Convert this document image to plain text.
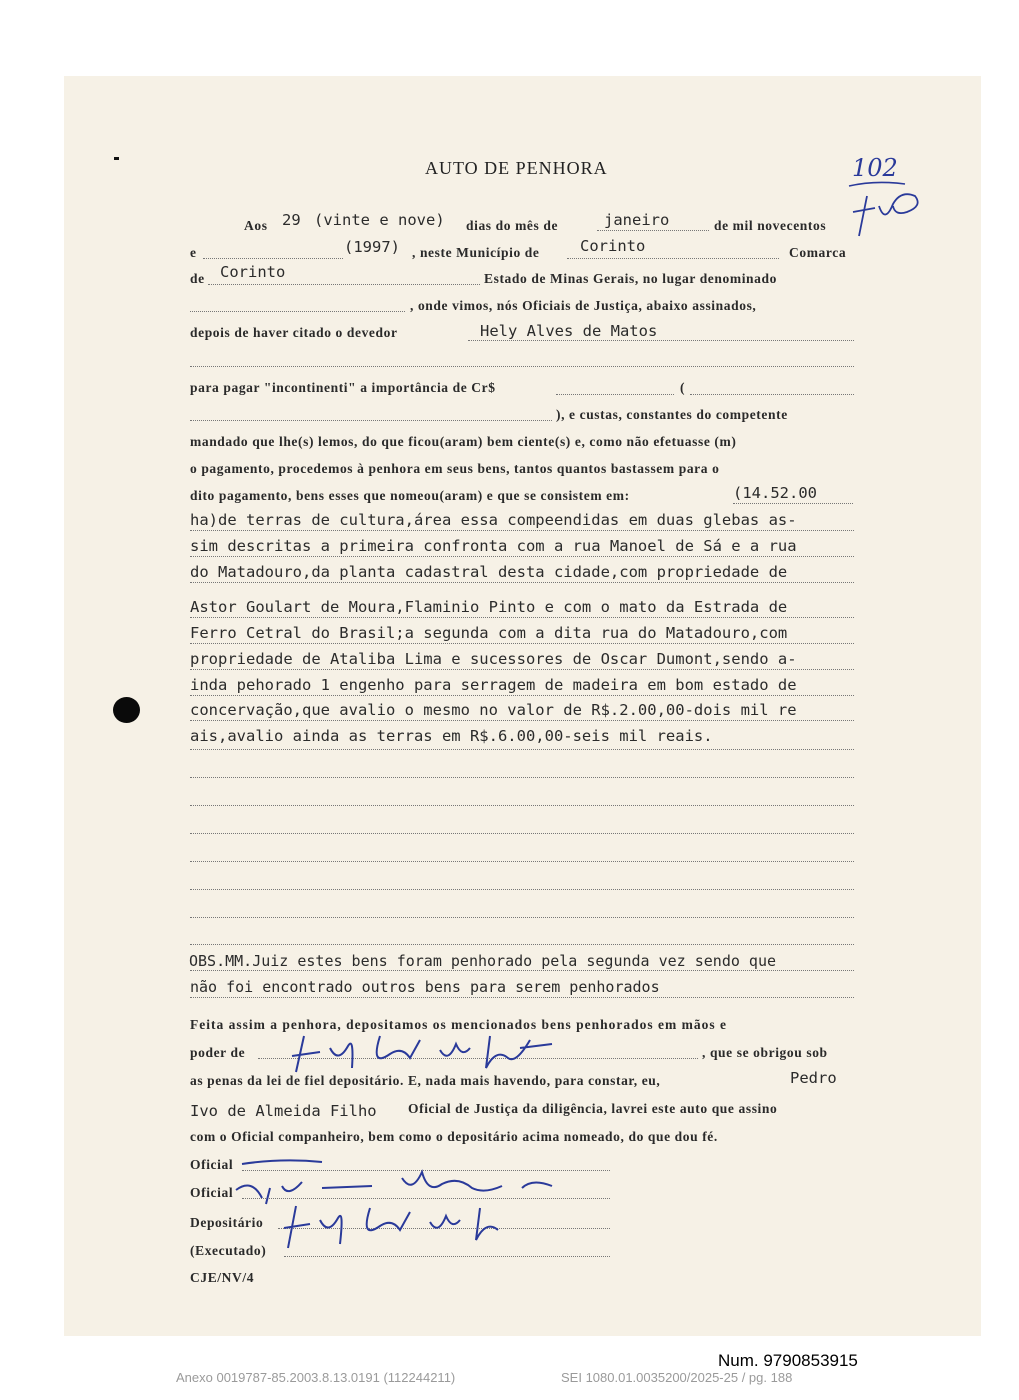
AUTO DE PENHORA	102
Aos 29 (vinte e nove) dias do mês de	janeiro	de mil novecentos
e	(1997) , neste Município de	Corinto	Comarca
de Corinto	Estado de Minas Gerais, no lugar denominado
, onde vimos, nós Oficiais de Justiça, abaixo assinados,
depois de haver citado o devedor	Hely Alves de Matos
para pagar "incontinenti" a importância de Cr$	(
), e custas, constantes do competente
mandado que lhe(s) lemos, do que ficou(aram) bem ciente(s) e, como não efetuasse (m)
o pagamento, procedemos à penhora em seus bens, tantos quantos bastassem para o
dito pagamento, bens esses que nomeou(aram) e que se consistem em:	(14.52.00
ha)de terras de cultura,área essa compeendidas em duas glebas as-
sim descritas a primeira confronta com a rua Manoel de Sá e a rua
do Matadouro,da planta cadastral desta cidade,com propriedade de
Astor Goulart de Moura,Flaminio Pinto e com o mato da Estrada de
Ferro Cetral do Brasil;a segunda com a dita rua do Matadouro,com
propriedade de Ataliba Lima e sucessores de Oscar Dumont,sendo a-
inda pehorado 1 engenho para serragem de madeira em bom estado de
concervação,que avalio o mesmo no valor de R$.2.00,00-dois mil re
ais,avalio ainda as terras em R$.6.00,00-seis mil reais.
OBS.MM.Juiz estes bens foram penhorado pela segunda vez sendo que
não foi encontrado outros bens para serem penhorados
Feita assim a penhora, depositamos os mencionados bens penhorados em mãos e
poder de	, que se obrigou sob
as penas da lei de fiel depositário. E, nada mais havendo, para constar, eu,	Pedro
Ivo de Almeida Filho Oficial de Justiça da diligência, lavrei este auto que assino
com o Oficial companheiro, bem como o depositário acima nomeado, do que dou fé.
Oficial
Oficial
Depositário
(Executado)
CJE/NV/4
Num. 9790853915
Anexo 0019787-85.2003.8.13.0191 (112244211)	SEI 1080.01.0035200/2025-25 / pg. 188
